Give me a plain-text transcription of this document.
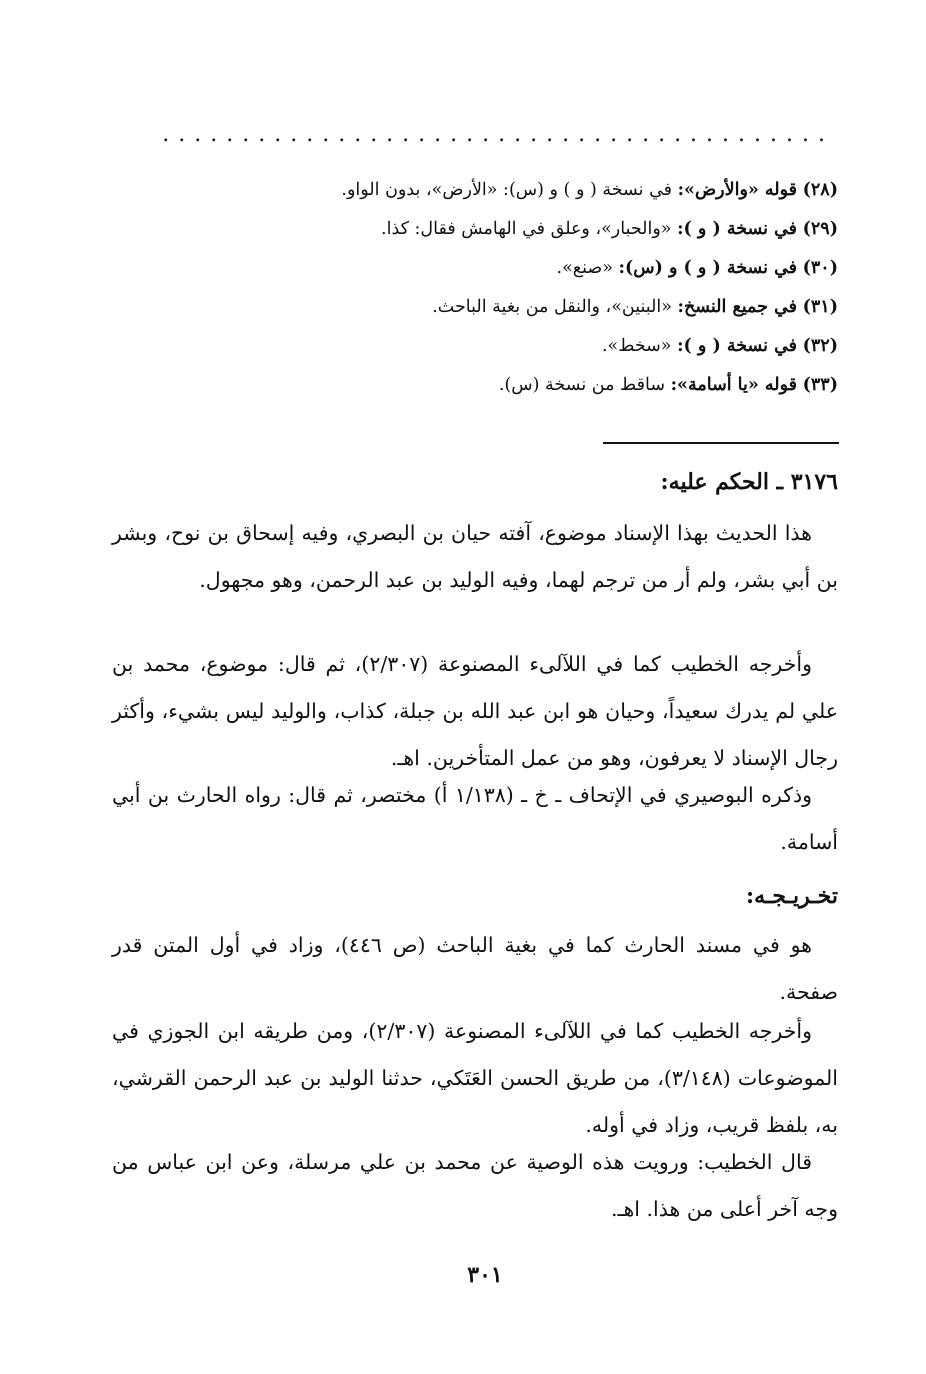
..........................................
(٢٨) قوله «والأرض»: في نسخة ( و ) و (س): «الأرض»، بدون الواو.
(٢٩) في نسخة ( و ): «والحبار»، وعلق في الهامش فقال: كذا.
(٣٠) في نسخة ( و ) و (س): «صنع».
(٣١) في جميع النسخ: «البنين»، والنقل من بغية الباحث.
(٣٢) في نسخة ( و ): «سخط».
(٣٣) قوله «يا أسامة»: ساقط من نسخة (س).
٣١٧٦ ـ الحكم عليه:

هذا الحديث بهذا الإسناد موضوع، آفته حيان بن البصري، وفيه إسحاق بن نوح، وبشر بن أبي بشر، ولم أر من ترجم لهما، وفيه الوليد بن عبد الرحمن، وهو مجهول.

وأخرجه الخطيب كما في اللآلىء المصنوعة (٢/٣٠٧)، ثم قال: موضوع، محمد بن علي لم يدرك سعيداً، وحيان هو ابن عبد الله بن جبلة، كذاب، والوليد ليس بشيء، وأكثر رجال الإسناد لا يعرفون، وهو من عمل المتأخرين. اهـ.

وذكره البوصيري في الإتحاف ـ خ ـ (١/١٣٨ أ) مختصر، ثم قال: رواه الحارث بن أبي أسامة.

تخـريـجـه:

هو في مسند الحارث كما في بغية الباحث (ص ٤٤٦)، وزاد في أول المتن قدر صفحة.

وأخرجه الخطيب كما في اللآلىء المصنوعة (٢/٣٠٧)، ومن طريقه ابن الجوزي في الموضوعات (٣/١٤٨)، من طريق الحسن العَتَكي، حدثنا الوليد بن عبد الرحمن القرشي، به، بلفظ قريب، وزاد في أوله.

قال الخطيب: ورويت هذه الوصية عن محمد بن علي مرسلة، وعن ابن عباس من وجه آخر أعلى من هذا. اهـ.

٣٠١
